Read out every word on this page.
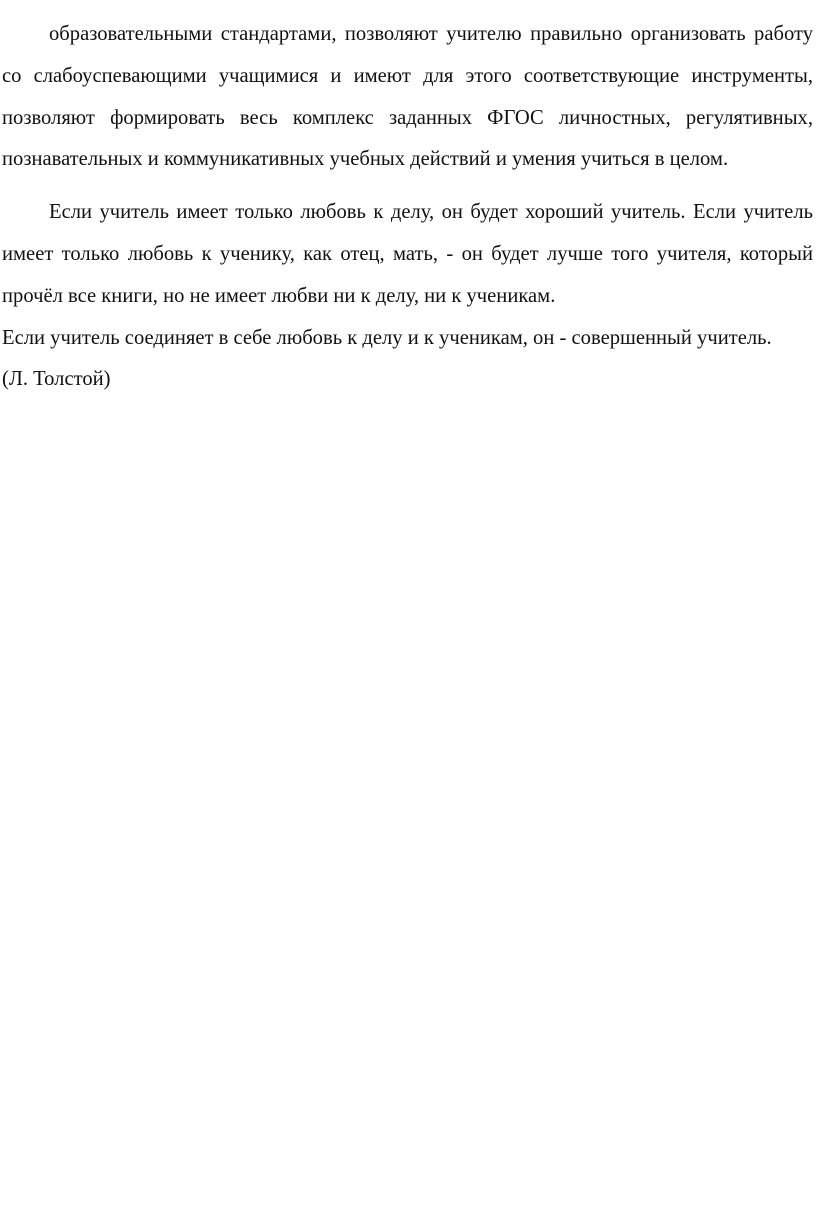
образовательными стандартами, позволяют учителю правильно организовать работу со слабоуспевающими учащимися и имеют для этого соответствующие инструменты, позволяют формировать весь комплекс заданных ФГОС личностных, регулятивных, познавательных и коммуникативных учебных действий и умения учиться в целом.

Если учитель имеет только любовь к делу, он будет хороший учитель. Если учитель имеет только любовь к ученику, как отец, мать, - он будет лучше того учителя, который прочёл все книги, но не имеет любви ни к делу, ни к ученикам.

Если учитель соединяет в себе любовь к делу и к ученикам, он - совершенный учитель.

(Л. Толстой)
